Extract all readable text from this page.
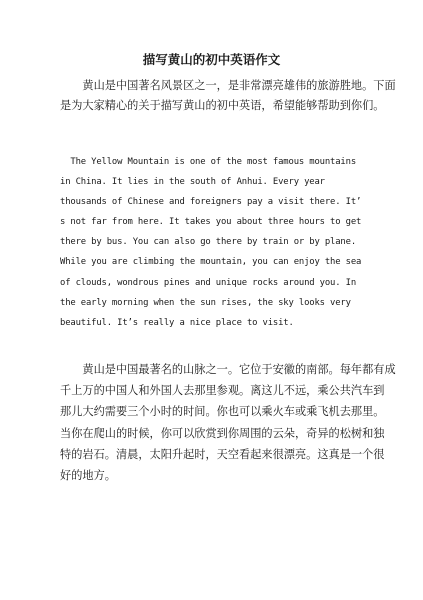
描写黄山的初中英语作文
　　黄山是中国著名风景区之一，是非常漂亮雄伟的旅游胜地。下面
是为大家精心的关于描写黄山的初中英语，希望能够帮助到你们。
The Yellow Mountain is one of the most famous mountains
in China. It lies in the south of Anhui. Every year
thousands of Chinese and foreigners pay a visit there. It’
s not far from here. It takes you about three hours to get
there by bus. You can also go there by train or by plane.
While you are climbing the mountain, you can enjoy the sea
of clouds, wondrous pines and unique rocks around you. In
the early morning when the sun rises, the sky looks very
beautiful. It’s really a nice place to visit.
　　黄山是中国最著名的山脉之一。它位于安徽的南部。每年都有成
千上万的中国人和外国人去那里参观。离这儿不远，乘公共汽车到
那儿大约需要三个小时的时间。你也可以乘火车或乘飞机去那里。
当你在爬山的时候，你可以欣赏到你周围的云朵，奇异的松树和独
特的岩石。清晨，太阳升起时，天空看起来很漂亮。这真是一个很
好的地方。
